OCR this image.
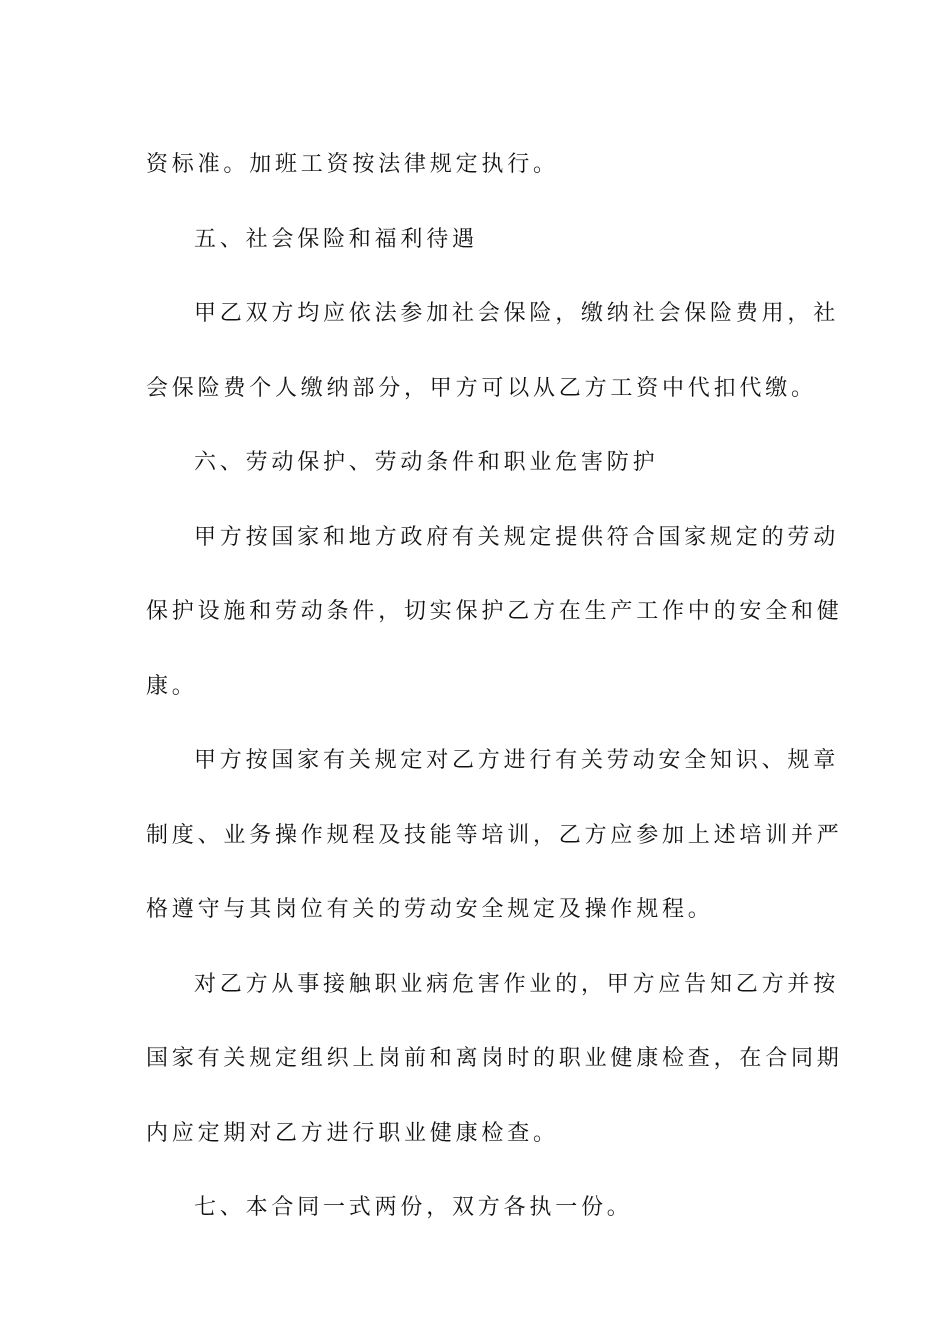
资标准。加班工资按法律规定执行。

五、社会保险和福利待遇

甲乙双方均应依法参加社会保险，缴纳社会保险费用，社
会保险费个人缴纳部分，甲方可以从乙方工资中代扣代缴。

六、劳动保护、劳动条件和职业危害防护

甲方按国家和地方政府有关规定提供符合国家规定的劳动
保护设施和劳动条件，切实保护乙方在生产工作中的安全和健
康。

甲方按国家有关规定对乙方进行有关劳动安全知识、规章
制度、业务操作规程及技能等培训，乙方应参加上述培训并严
格遵守与其岗位有关的劳动安全规定及操作规程。

对乙方从事接触职业病危害作业的，甲方应告知乙方并按
国家有关规定组织上岗前和离岗时的职业健康检查，在合同期
内应定期对乙方进行职业健康检查。

七、本合同一式两份，双方各执一份。
